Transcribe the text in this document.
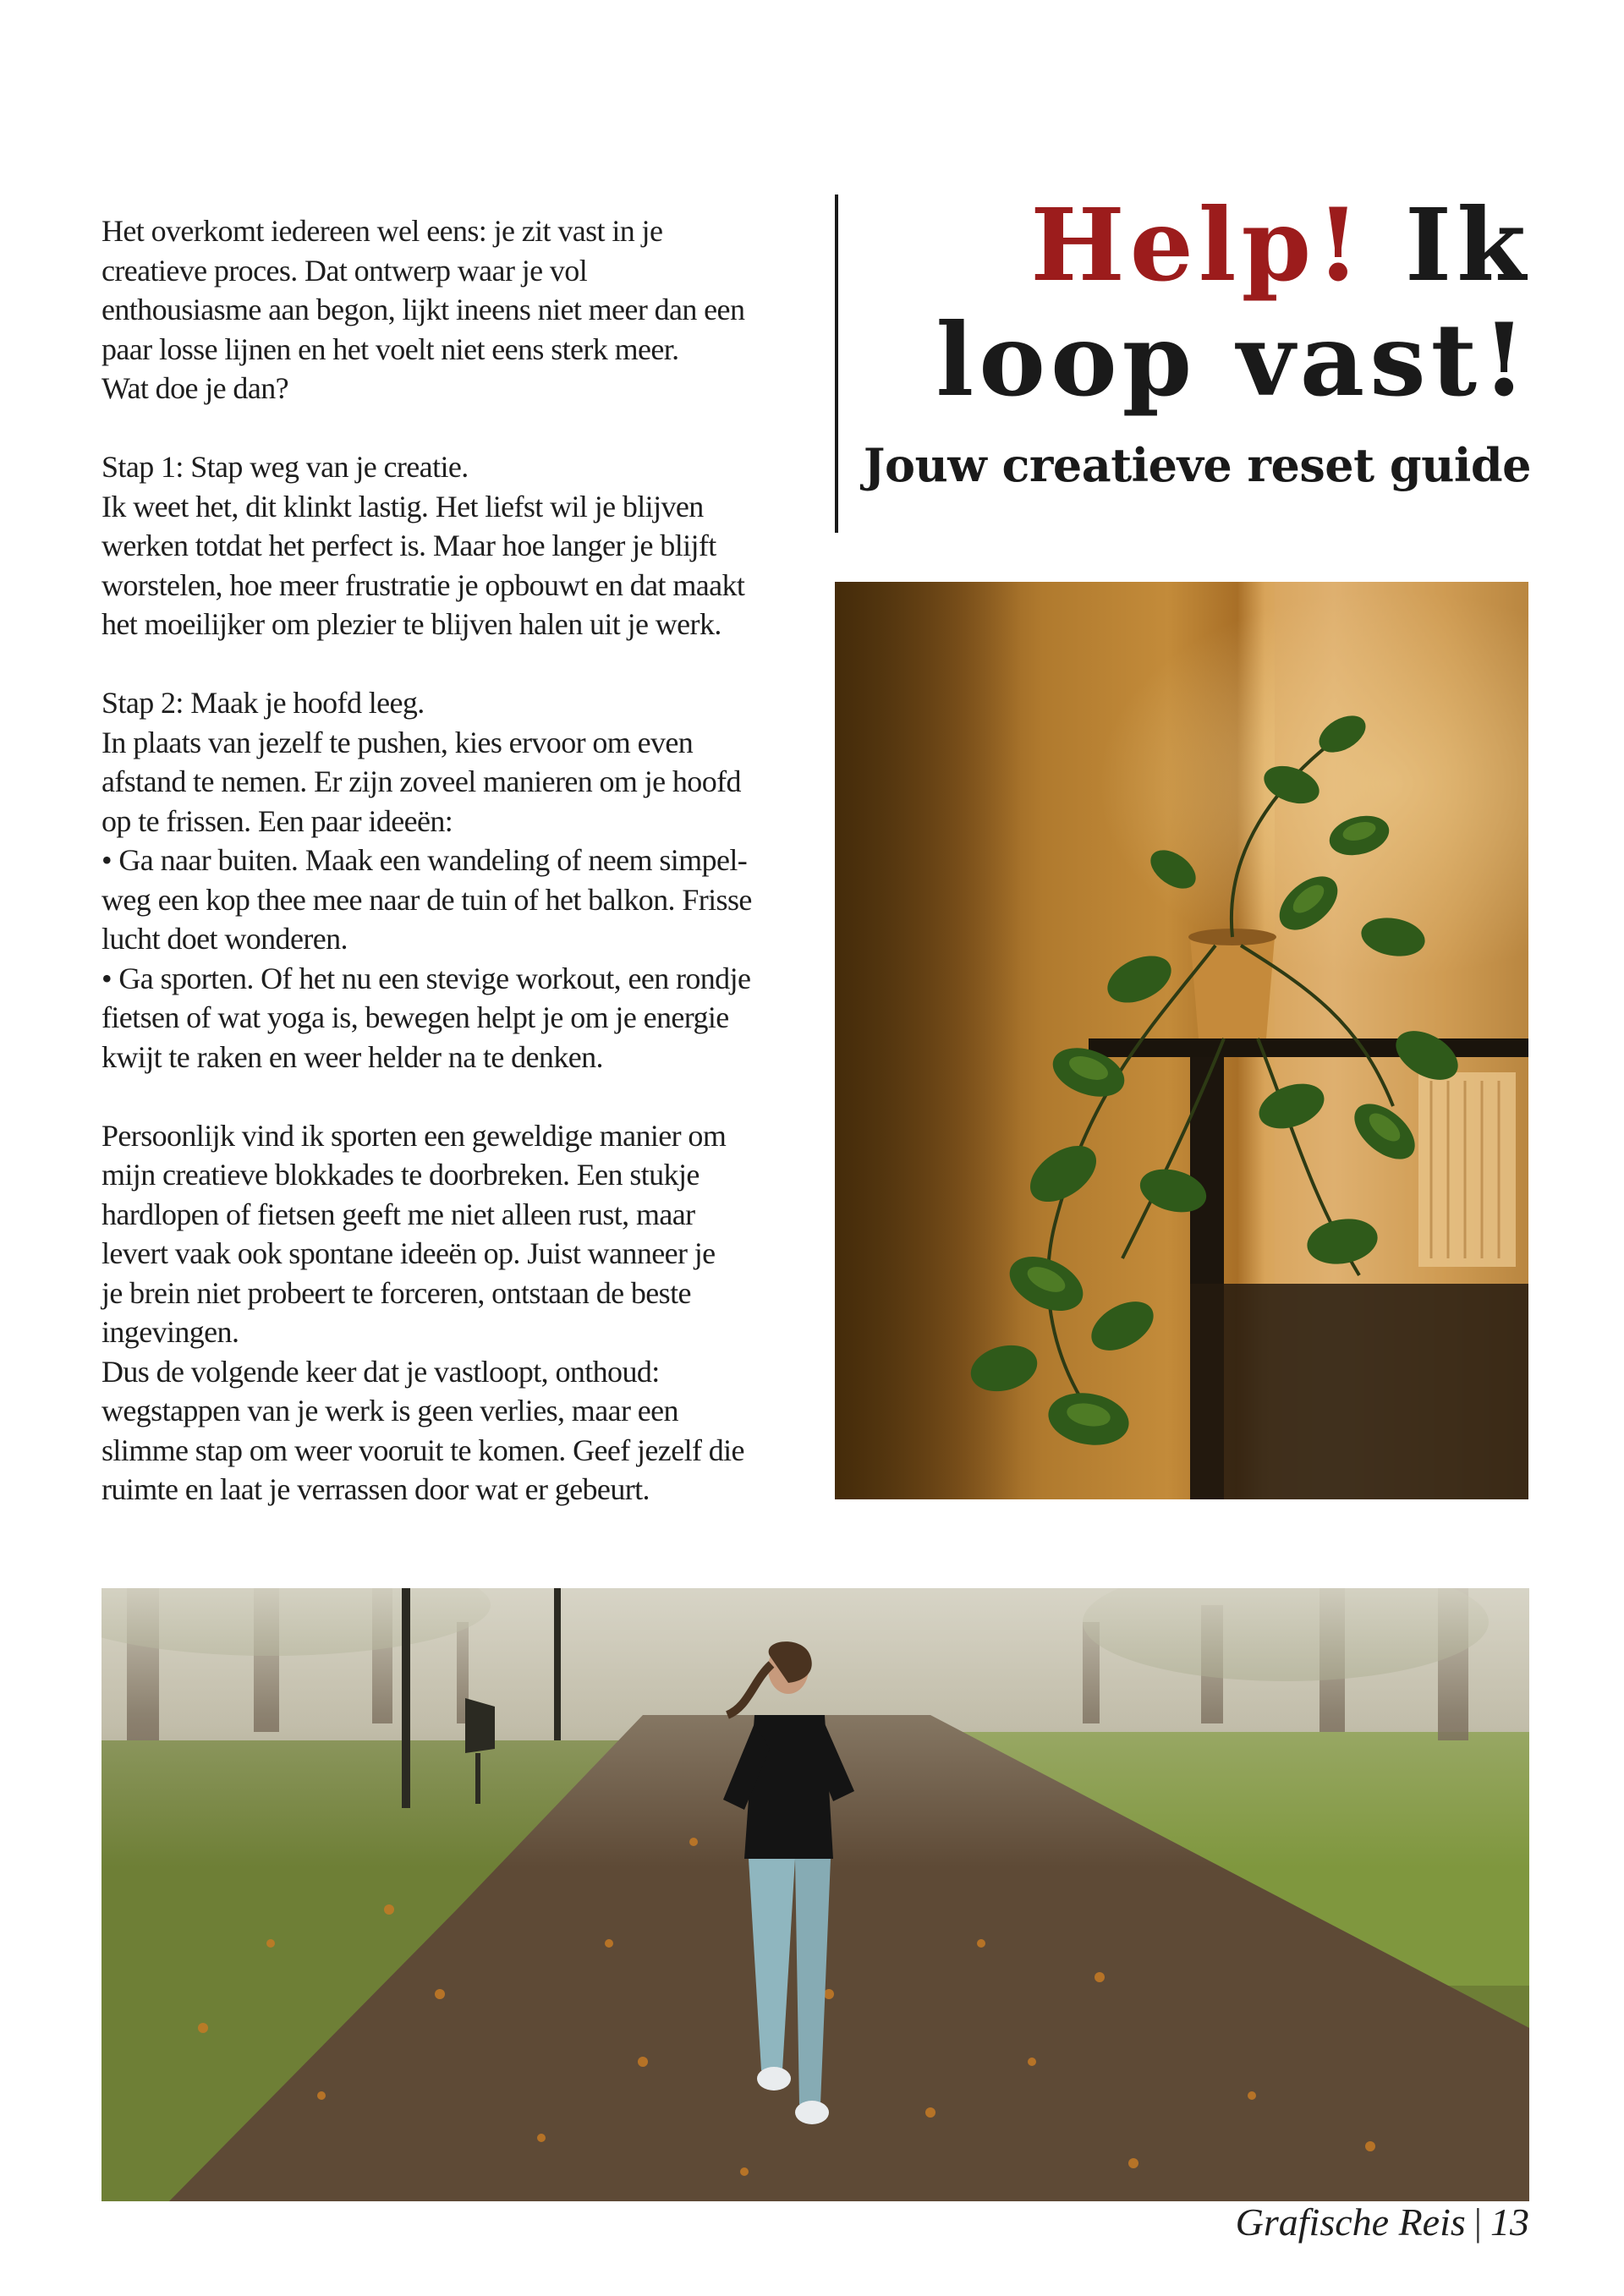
Het overkomt iedereen wel eens: je zit vast in je
creatieve proces. Dat ontwerp waar je vol
enthousiasme aan begon, lijkt ineens niet meer dan een
paar losse lijnen en het voelt niet eens sterk meer.
Wat doe je dan?
Stap 1: Stap weg van je creatie.
Ik weet het, dit klinkt lastig. Het liefst wil je blijven
werken totdat het perfect is. Maar hoe langer je blijft
worstelen, hoe meer frustratie je opbouwt en dat maakt
het moeilijker om plezier te blijven halen uit je werk.
Stap 2: Maak je hoofd leeg.
In plaats van jezelf te pushen, kies ervoor om even
afstand te nemen. Er zijn zoveel manieren om je hoofd
op te frissen. Een paar ideeën:
• Ga naar buiten. Maak een wandeling of neem simpel-
weg een kop thee mee naar de tuin of het balkon. Frisse
lucht doet wonderen.
• Ga sporten. Of het nu een stevige workout, een rondje
fietsen of wat yoga is, bewegen helpt je om je energie
kwijt te raken en weer helder na te denken.
Persoonlijk vind ik sporten een geweldige manier om
mijn creatieve blokkades te doorbreken. Een stukje
hardlopen of fietsen geeft me niet alleen rust, maar
levert vaak ook spontane ideeën op. Juist wanneer je
je brein niet probeert te forceren, ontstaan de beste
ingevingen.
Dus de volgende keer dat je vastloopt, onthoud:
wegstappen van je werk is geen verlies, maar een
slimme stap om weer vooruit te komen. Geef jezelf die
ruimte en laat je verrassen door wat er gebeurt.
Help! Ik
loop vast!
Jouw creatieve reset guide
Grafische Reis | 13
